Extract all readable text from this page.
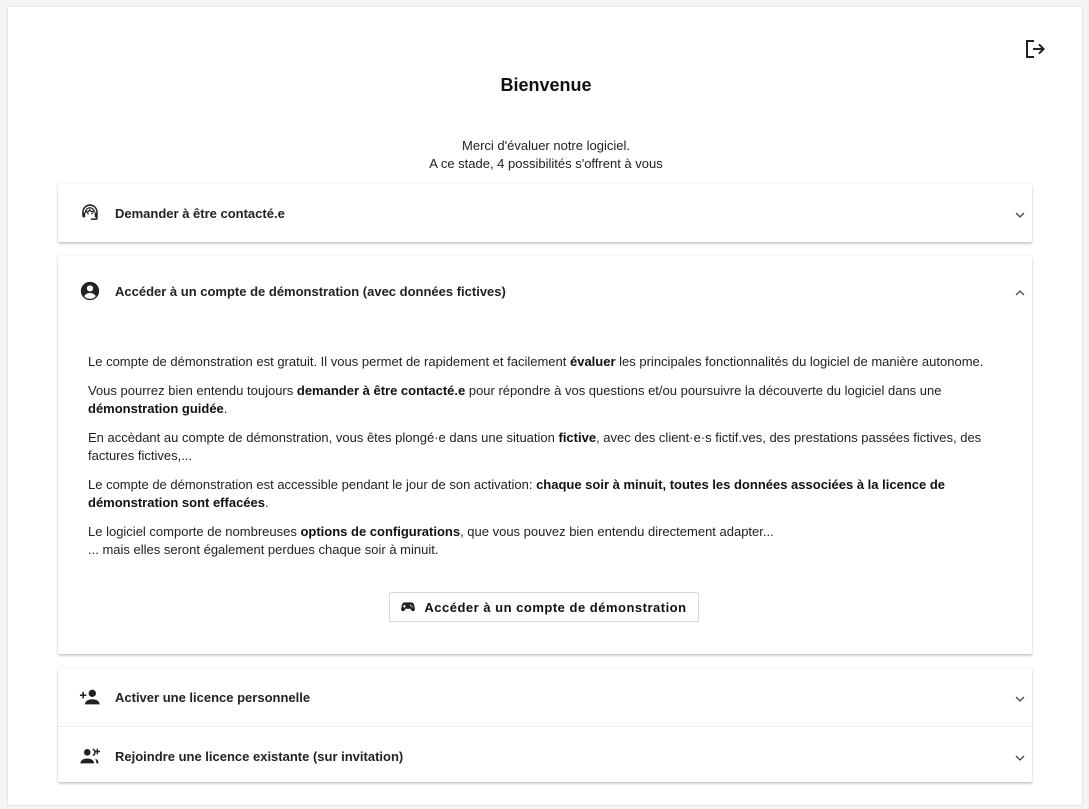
Bienvenue
Merci d'évaluer notre logiciel.
A ce stade, 4 possibilités s'offrent à vous
Demander à être contacté.e
Accéder à un compte de démonstration (avec données fictives)

Le compte de démonstration est gratuit. Il vous permet de rapidement et facilement évaluer les principales fonctionnalités du logiciel de manière autonome.

Vous pourrez bien entendu toujours demander à être contacté.e pour répondre à vos questions et/ou poursuivre la découverte du logiciel dans une démonstration guidée.

En accèdant au compte de démonstration, vous êtes plongé·e dans une situation fictive, avec des client·e·s fictif.ves, des prestations passées fictives, des factures fictives,...

Le compte de démonstration est accessible pendant le jour de son activation: chaque soir à minuit, toutes les données associées à la licence de démonstration sont effacées.

Le logiciel comporte de nombreuses options de configurations, que vous pouvez bien entendu directement adapter...
... mais elles seront également perdues chaque soir à minuit.

Accéder à un compte de démonstration
Activer une licence personnelle
Rejoindre une licence existante (sur invitation)
